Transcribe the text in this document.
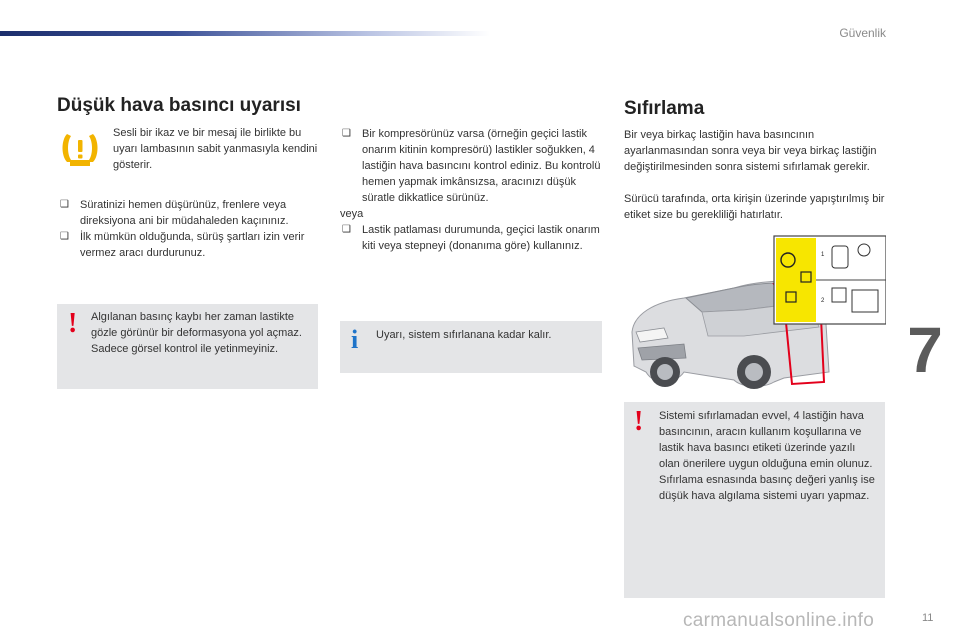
Güvenlik
7
Düşük hava basıncı uyarısı
Sesli bir ikaz ve bir mesaj ile birlikte bu uyarı lambasının sabit yanmasıyla kendini gösterir.
❑ Süratinizi hemen düşürünüz, frenlere veya direksiyona ani bir müdahaleden kaçınınız.
❑ İlk mümkün olduğunda, sürüş şartları izin verir vermez aracı durdurunuz.
! Algılanan basınç kaybı her zaman lastikte gözle görünür bir deformasyona yol açmaz. Sadece görsel kontrol ile yetinmeyiniz.
❑ Bir kompresörünüz varsa (örneğin geçici lastik onarım kitinin kompresörü) lastikler soğukken, 4 lastiğin hava basıncını kontrol ediniz. Bu kontrolü hemen yapmak imkânsızsa, aracınızı düşük süratle dikkatlice sürünüz.
veya
❑ Lastik patlaması durumunda, geçici lastik onarım kiti veya stepneyi (donanıma göre) kullanınız.
i Uyarı, sistem sıfırlanana kadar kalır.
Sıfırlama
Bir veya birkaç lastiğin hava basıncının ayarlanmasından sonra veya bir veya birkaç lastiğin değiştirilmesinden sonra sistemi sıfırlamak gerekir.
Sürücü tarafında, orta kirişin üzerinde yapıştırılmış bir etiket size bu gerekliliği hatırlatır.
1
2
! Sistemi sıfırlamadan evvel, 4 lastiğin hava basıncının, aracın kullanım koşullarına ve lastik hava basıncı etiketi üzerinde yazılı olan önerilere uygun olduğuna emin olunuz.
Sıfırlama esnasında basınç değeri yanlış ise düşük hava algılama sistemi uyarı yapmaz.
carmanualsonline.info	11
